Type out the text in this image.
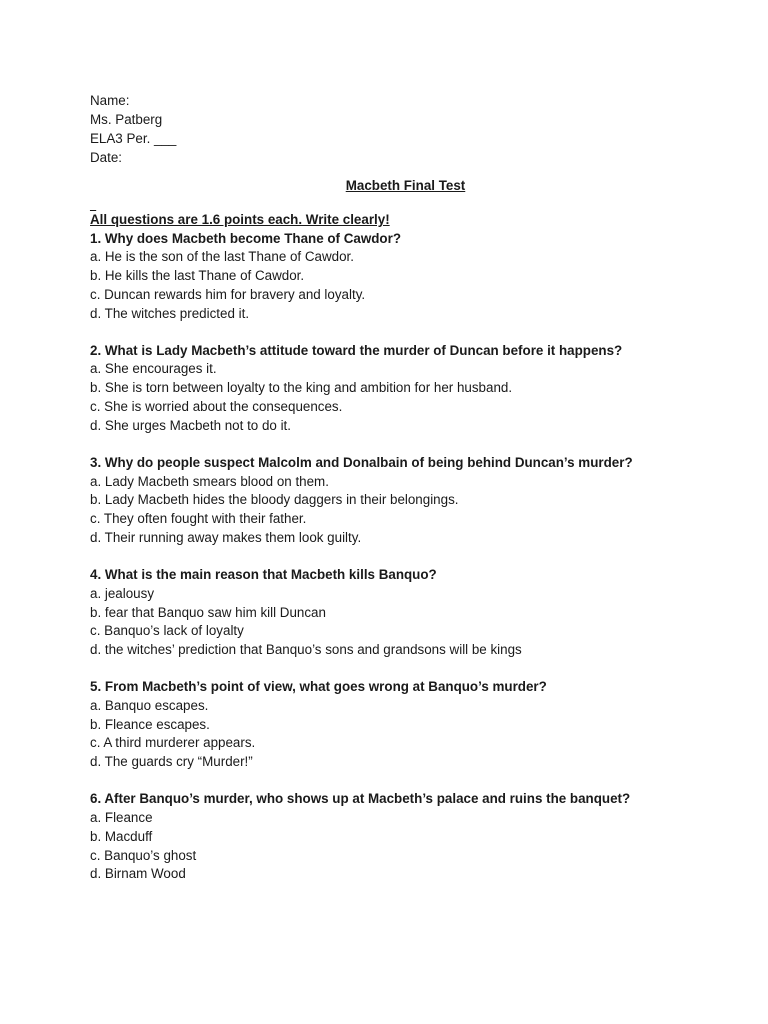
Name:
Ms. Patberg
ELA3 Per. ___
Date:
Macbeth Final Test
_
All questions are 1.6 points each. Write clearly!
1. Why does Macbeth become Thane of Cawdor?
a. He is the son of the last Thane of Cawdor.
b. He kills the last Thane of Cawdor.
c. Duncan rewards him for bravery and loyalty.
d. The witches predicted it.
2. What is Lady Macbeth’s attitude toward the murder of Duncan before it happens?
a. She encourages it.
b. She is torn between loyalty to the king and ambition for her husband.
c. She is worried about the consequences.
d. She urges Macbeth not to do it.
3. Why do people suspect Malcolm and Donalbain of being behind Duncan’s murder?
a. Lady Macbeth smears blood on them.
b. Lady Macbeth hides the bloody daggers in their belongings.
c. They often fought with their father.
d. Their running away makes them look guilty.
4. What is the main reason that Macbeth kills Banquo?
a. jealousy
b. fear that Banquo saw him kill Duncan
c. Banquo’s lack of loyalty
d. the witches’ prediction that Banquo’s sons and grandsons will be kings
5. From Macbeth’s point of view, what goes wrong at Banquo’s murder?
a. Banquo escapes.
b. Fleance escapes.
c. A third murderer appears.
d. The guards cry “Murder!”
6. After Banquo’s murder, who shows up at Macbeth’s palace and ruins the banquet?
a. Fleance
b. Macduff
c. Banquo’s ghost
d. Birnam Wood
